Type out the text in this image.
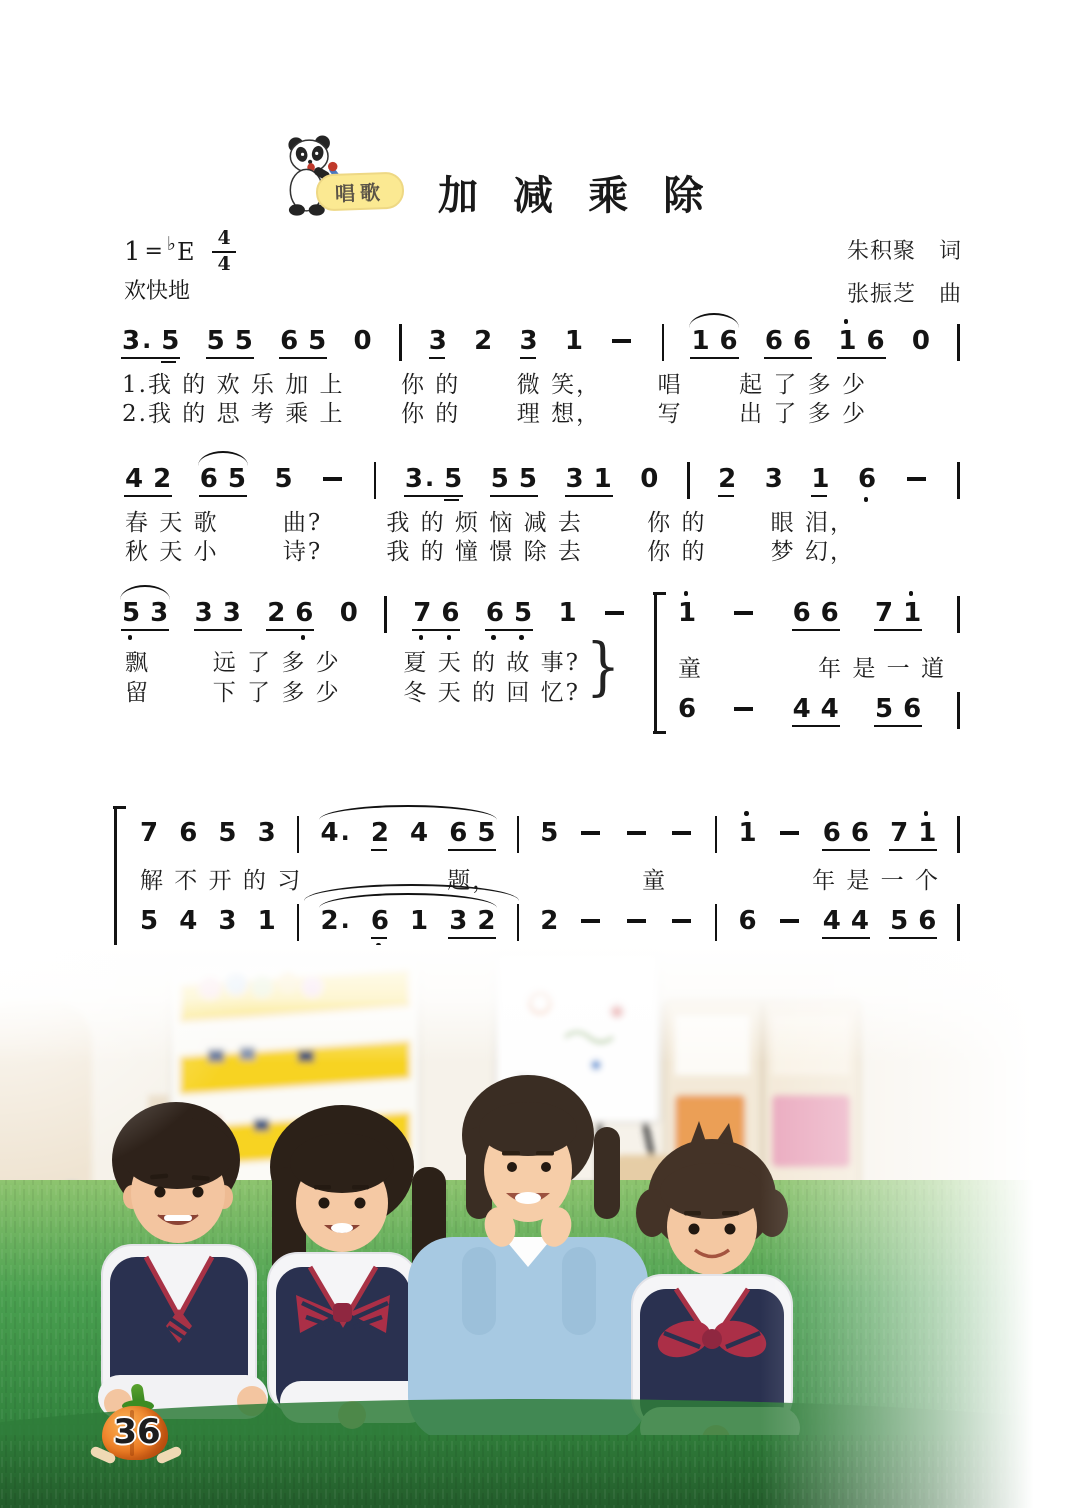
唱歌	加 减 乘 除
1 = ♭ E 4
4
欢快地
朱积聚　词
张振芝　曲
3 . 5 5 5 6 5 0 3 2 3 1	1 6 6 6 1 6 0
1.我 的 欢 乐 加 上 你 的 微 笑， 唱 起 了 多 少
2.我 的 思 考 乘 上 你 的 理 想， 写 出 了 多 少
4 2 6 5 5	3 . 5 5 5 3 1 0 2 3 1 6
春 天 歌	曲?	我 的 烦 恼 减 去	你 的	眼 泪，
秋 天 小	诗?	我 的 憧 憬 除 去	你 的	梦 幻，
5 3 3 3 2 6 0 7 6 6 5 1
飘	远 了 多 少	夏 天 的 故 事?
留	下 了 多 少	冬 天 的 回 忆? }
1	6 6 7 1
童	年 是 一 道
6	4 4 5 6
7 6 5 3 4 . 2 4 6 5 5	1	6 6 7 1
解 不 开 的 习	题，	童	年 是 一 个
5 4 3 1 2 . 6 1 3 2 2	6	4 4 5 6
36
